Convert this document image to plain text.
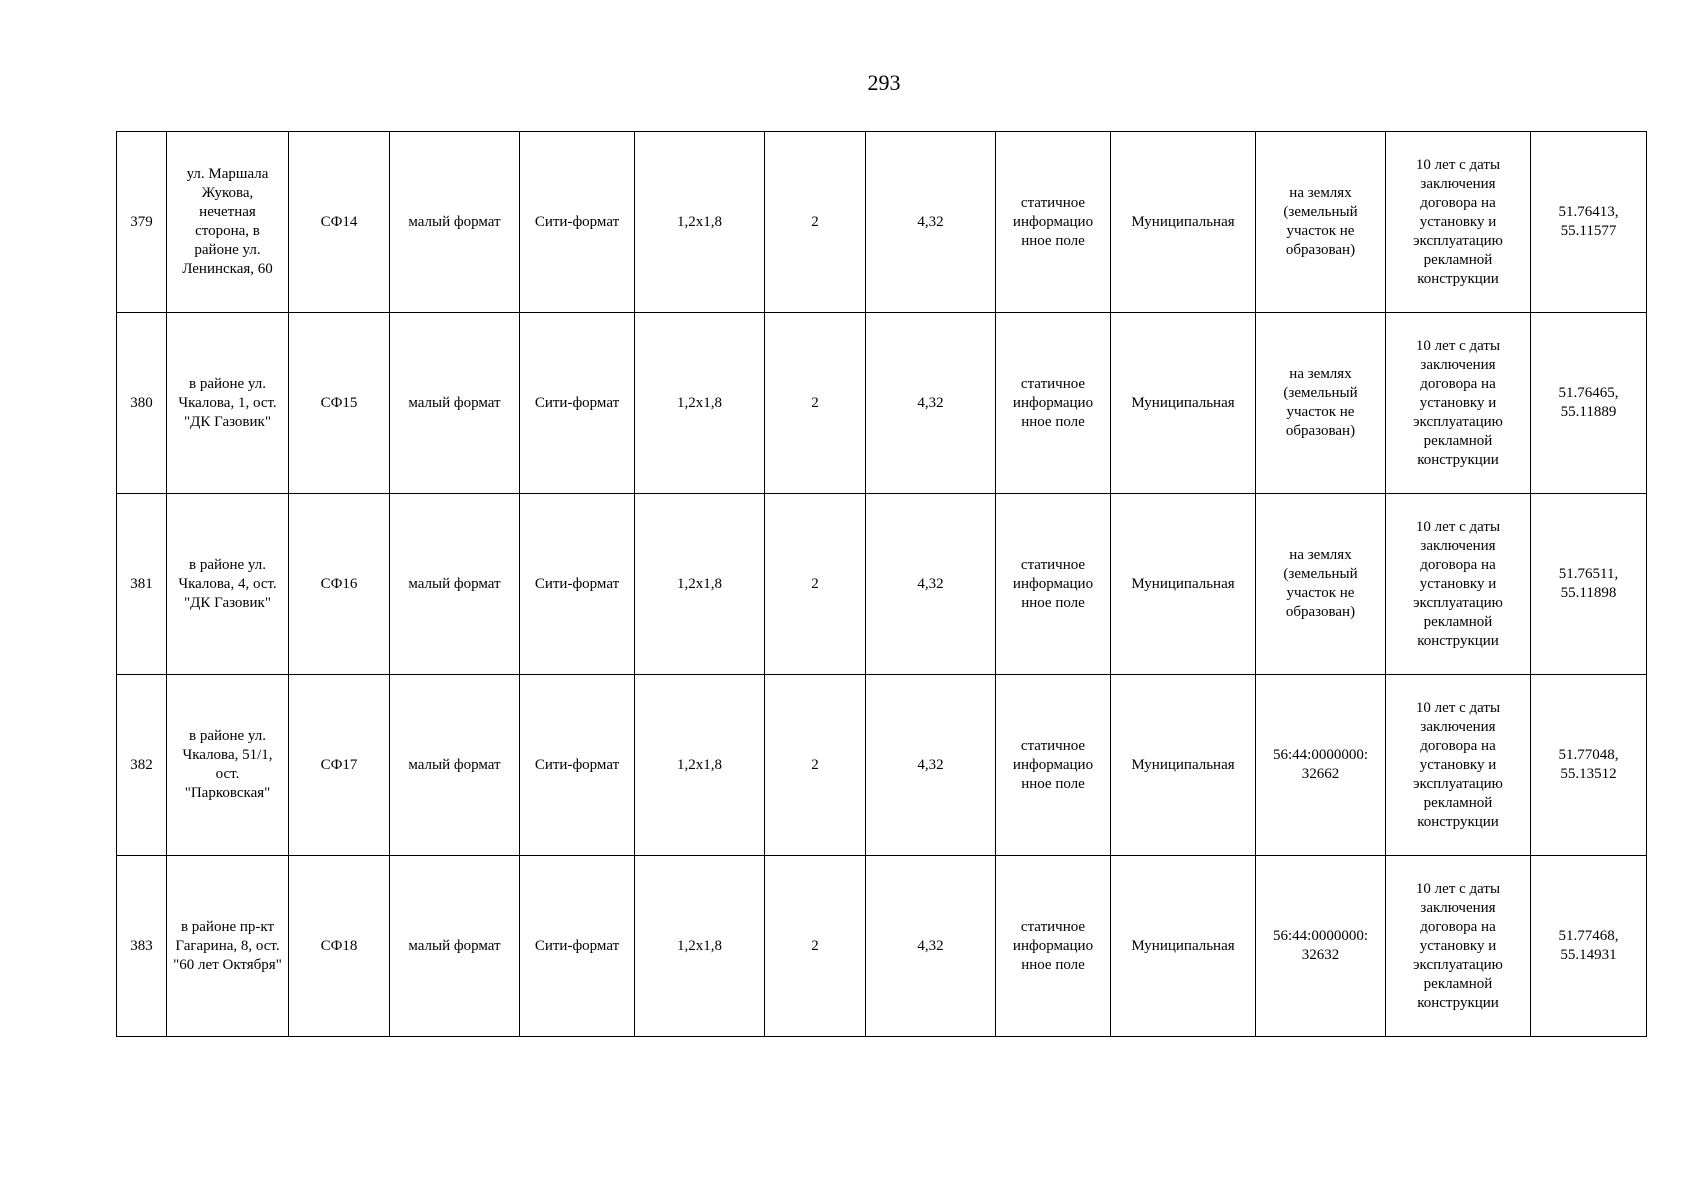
293
379	ул. Маршала Жукова, нечетная сторона, в районе ул. Ленинская, 60	СФ14	малый формат	Сити-формат	1,2х1,8	2	4,32	статичное информацио нное поле	Муниципальная	на землях (земельный участок не образован)	10 лет с даты заключения договора на установку и эксплуатацию рекламной конструкции	51.76413, 55.11577
380	в районе ул. Чкалова, 1, ост. "ДК Газовик"	СФ15	малый формат	Сити-формат	1,2х1,8	2	4,32	статичное информацио нное поле	Муниципальная	на землях (земельный участок не образован)	10 лет с даты заключения договора на установку и эксплуатацию рекламной конструкции	51.76465, 55.11889
381	в районе ул. Чкалова, 4, ост. "ДК Газовик"	СФ16	малый формат	Сити-формат	1,2х1,8	2	4,32	статичное информацио нное поле	Муниципальная	на землях (земельный участок не образован)	10 лет с даты заключения договора на установку и эксплуатацию рекламной конструкции	51.76511, 55.11898
382	в районе ул. Чкалова, 51/1, ост. "Парковская"	СФ17	малый формат	Сити-формат	1,2х1,8	2	4,32	статичное информацио нное поле	Муниципальная	56:44:0000000: 32662	10 лет с даты заключения договора на установку и эксплуатацию рекламной конструкции	51.77048, 55.13512
383	в районе пр-кт Гагарина, 8, ост. "60 лет Октября"	СФ18	малый формат	Сити-формат	1,2х1,8	2	4,32	статичное информацио нное поле	Муниципальная	56:44:0000000: 32632	10 лет с даты заключения договора на установку и эксплуатацию рекламной конструкции	51.77468, 55.14931
